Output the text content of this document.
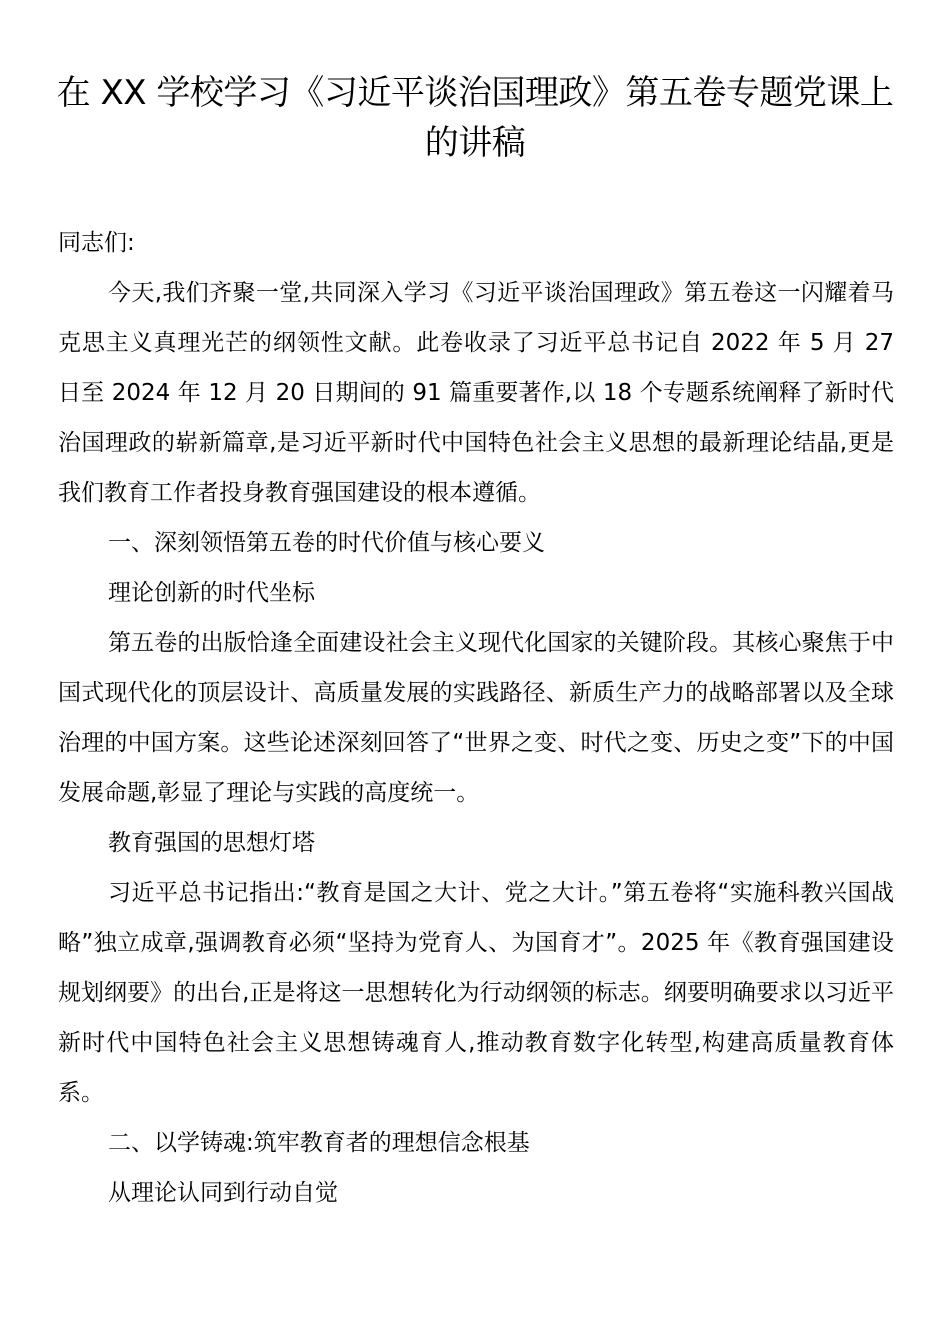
在 XX 学校学习《习近平谈治国理政》第五卷专题党课上的讲稿

同志们:

今天,我们齐聚一堂,共同深入学习《习近平谈治国理政》第五卷这一闪耀着马克思主义真理光芒的纲领性文献。此卷收录了习近平总书记自 2022 年 5 月 27 日至 2024 年 12 月 20 日期间的 91 篇重要著作,以 18 个专题系统阐释了新时代治国理政的崭新篇章,是习近平新时代中国特色社会主义思想的最新理论结晶,更是我们教育工作者投身教育强国建设的根本遵循。

一、深刻领悟第五卷的时代价值与核心要义

理论创新的时代坐标

第五卷的出版恰逢全面建设社会主义现代化国家的关键阶段。其核心聚焦于中国式现代化的顶层设计、高质量发展的实践路径、新质生产力的战略部署以及全球治理的中国方案。这些论述深刻回答了“世界之变、时代之变、历史之变”下的中国发展命题,彰显了理论与实践的高度统一。

教育强国的思想灯塔

习近平总书记指出:“教育是国之大计、党之大计。”第五卷将“实施科教兴国战略”独立成章,强调教育必须“坚持为党育人、为国育才”。2025 年《教育强国建设规划纲要》的出台,正是将这一思想转化为行动纲领的标志。纲要明确要求以习近平新时代中国特色社会主义思想铸魂育人,推动教育数字化转型,构建高质量教育体系。

二、以学铸魂:筑牢教育者的理想信念根基

从理论认同到行动自觉
